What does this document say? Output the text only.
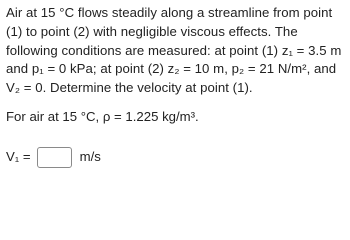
Air at 15 °C flows steadily along a streamline from point (1) to point (2) with negligible viscous effects. The following conditions are measured: at point (1) z₁ = 3.5 m and p₁ = 0 kPa; at point (2) z₂ = 10 m, p₂ = 21 N/m², and V₂ = 0. Determine the velocity at point (1).

For air at 15 °C, ρ = 1.225 kg/m³.

V₁ =	m/s
